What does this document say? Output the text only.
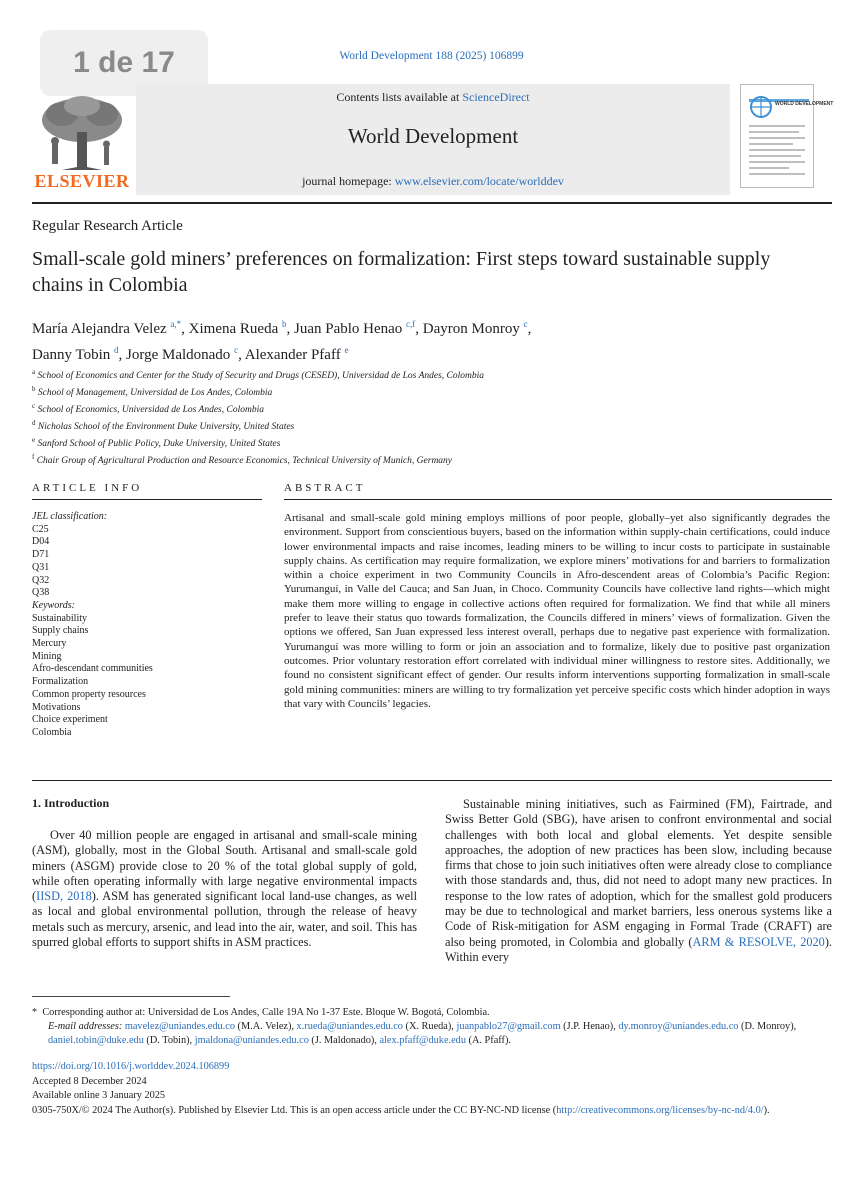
1 de 17	World Development 188 (2025) 106899
ELSEVIER
Contents lists available at ScienceDirect
World Development
journal homepage: www.elsevier.com/locate/worlddev
WORLD DEVELOPMENT
Regular Research Article
Small-scale gold miners’ preferences on formalization: First steps toward sustainable supply chains in Colombia
María Alejandra Velez $^{a,*}$, Ximena Rueda $^b$, Juan Pablo Henao $^{c,f}$, Dayron Monroy $^c$,
Danny Tobin $^d$, Jorge Maldonado $^c$, Alexander Pfaff $^e$
$^a$ School of Economics and Center for the Study of Security and Drugs (CESED), Universidad de Los Andes, Colombia
$^b$ School of Management, Universidad de Los Andes, Colombia
$^c$ School of Economics, Universidad de Los Andes, Colombia
$^d$ Nicholas School of the Environment Duke University, United States
$^e$ Sanford School of Public Policy, Duke University, United States
$^f$ Chair Group of Agricultural Production and Resource Economics, Technical University of Munich, Germany
ARTICLE INFO	ABSTRACT
JEL classification:
C25
D04
D71
Q31
Q32
Q38
Keywords:
Sustainability
Supply chains
Mercury
Mining
Afro-descendant communities
Formalization
Common property resources
Motivations
Choice experiment
Colombia
Artisanal and small-scale gold mining employs millions of poor people, globally–yet also significantly degrades the environment. Support from conscientious buyers, based on the information within supply-chain certifications, could induce lower environmental impacts and raise incomes, leading miners to be willing to incur costs to participate in sustainable supply chains. As certification may require formalization, we explore miners’ motivations for and barriers to formalization within a choice experiment in two Community Councils in Afro-descendent areas of Colombia’s Pacific Region: Yurumanguí, in Valle del Cauca; and San Juan, in Choco. Community Councils have collective land rights—which might make them more willing to engage in collective actions often required for formalization. We find that while all miners prefer to leave their status quo towards formalization, the Councils differed in miners’ views of formalization. Given the options we offered, San Juan expressed less interest overall, perhaps due to negative past experience with formalization. Yurumanguí was more willing to form or join an association and to formalize, likely due to positive past organization outcomes. Prior voluntary restoration effort correlated with individual miner willingness to restore sites. Additionally, we found no consistent significant effect of gender. Our results inform interventions supporting formalization in small-scale gold mining communities: miners are willing to try formalization yet perceive specific costs which hinder adoption in ways that vary with Councils’ legacies.
1. Introduction
Over 40 million people are engaged in artisanal and small-scale mining (ASM), globally, most in the Global South. Artisanal and small-scale gold miners (ASGM) provide close to 20 % of the total global supply of gold, while often operating informally with large negative environmental impacts (IISD, 2018). ASM has generated significant local land-use changes, as well as local and global environmental pollution, through the release of heavy metals such as mercury, arsenic, and lead into the air, water, and soil. This has spurred global efforts to support shifts in ASM practices.
Sustainable mining initiatives, such as Fairmined (FM), Fairtrade, and Swiss Better Gold (SBG), have arisen to confront environmental and social challenges with both local and global elements. Yet despite sensible approaches, the adoption of new practices has been slow, including because firms that chose to join such initiatives often were already close to compliance with those standards and, thus, did not need to adopt many new practices. In response to the low rates of adoption, which for the smallest gold producers may be due to technological and market barriers, less onerous systems like a Code of Risk-mitigation for ASM engaging in Formal Trade (CRAFT) are also being promoted, in Colombia and globally (ARM & RESOLVE, 2020). Within every
* Corresponding author at: Universidad de Los Andes, Calle 19A No 1-37 Este. Bloque W. Bogotá, Colombia.
E-mail addresses: mavelez@uniandes.edu.co (M.A. Velez), x.rueda@uniandes.edu.co (X. Rueda), juanpablo27@gmail.com (J.P. Henao), dy.monroy@uniandes.edu.co (D. Monroy), daniel.tobin@duke.edu (D. Tobin), jmaldona@uniandes.edu.co (J. Maldonado), alex.pfaff@duke.edu (A. Pfaff).
https://doi.org/10.1016/j.worlddev.2024.106899
Accepted 8 December 2024
Available online 3 January 2025
0305-750X/© 2024 The Author(s). Published by Elsevier Ltd. This is an open access article under the CC BY-NC-ND license (http://creativecommons.org/licenses/by-nc-nd/4.0/).
